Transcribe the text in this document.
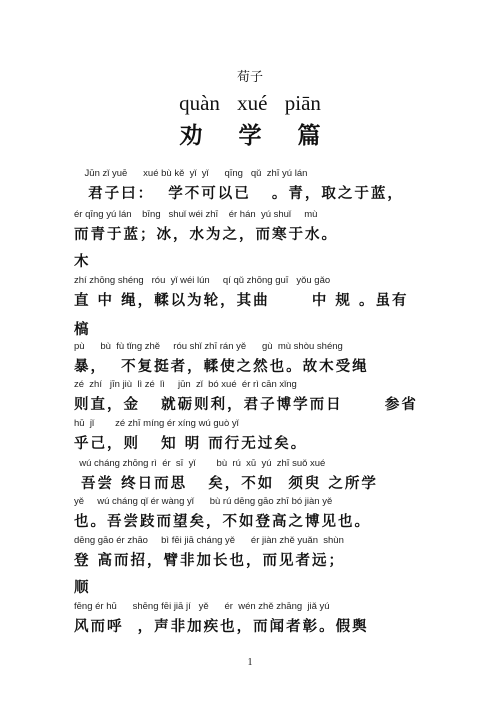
荀子
quàn xué piān
劝 学 篇
Jūn zǐ yuē      xué bù kě  yǐ  yǐ      qīng   qǔ  zhī yú lán
君子曰：  学不可以已   。青，取之于蓝，
ér qīng yú lán    bīng   shuǐ wéi zhī    ér hán  yú shuǐ     mù
而青于蓝；冰，水为之，而寒于水。
木
zhí zhōng shéng   róu  yǐ wéi lún     qí qǔ zhōng guī   yǒu gǎo
直 中 绳，輮以为轮，其曲      中 规 。虽有
槁
pù      bù  fù tǐng zhě     róu shǐ zhī rán yě      gù  mù shòu shéng
暴，  不复挺者，輮使之然也。故木受绳
zé  zhí   jīn jiù  lì zé  lì     jūn  zǐ  bó xué  ér rì cān xǐng
则直，金   就砺则利，君子博学而日      参省
hū  jǐ        zé zhī míng ér xíng wú guò yǐ
乎己，则   知 明 而行无过矣。
wú cháng zhōng rì  ér  sī  yǐ        bù  rú  xū  yú  zhī suǒ xué
吾尝 终日而思   矣，不如  须臾 之所学
yě     wú cháng qǐ ér wàng yǐ      bù rú dēng gāo zhī bó jiàn yě
也。吾尝跂而望矣，不如登高之博见也。
dēng gāo ér zhāo     bì fēi jiā cháng yě      ér jiàn zhě yuǎn  shùn
登 高而招，臂非加长也，而见者远；
顺
fēng ér hū      shēng fēi jiā jí   yě      ér  wén zhě zhāng  jiǎ yú
风而呼  ，声非加疾也，而闻者彰。假舆
1
